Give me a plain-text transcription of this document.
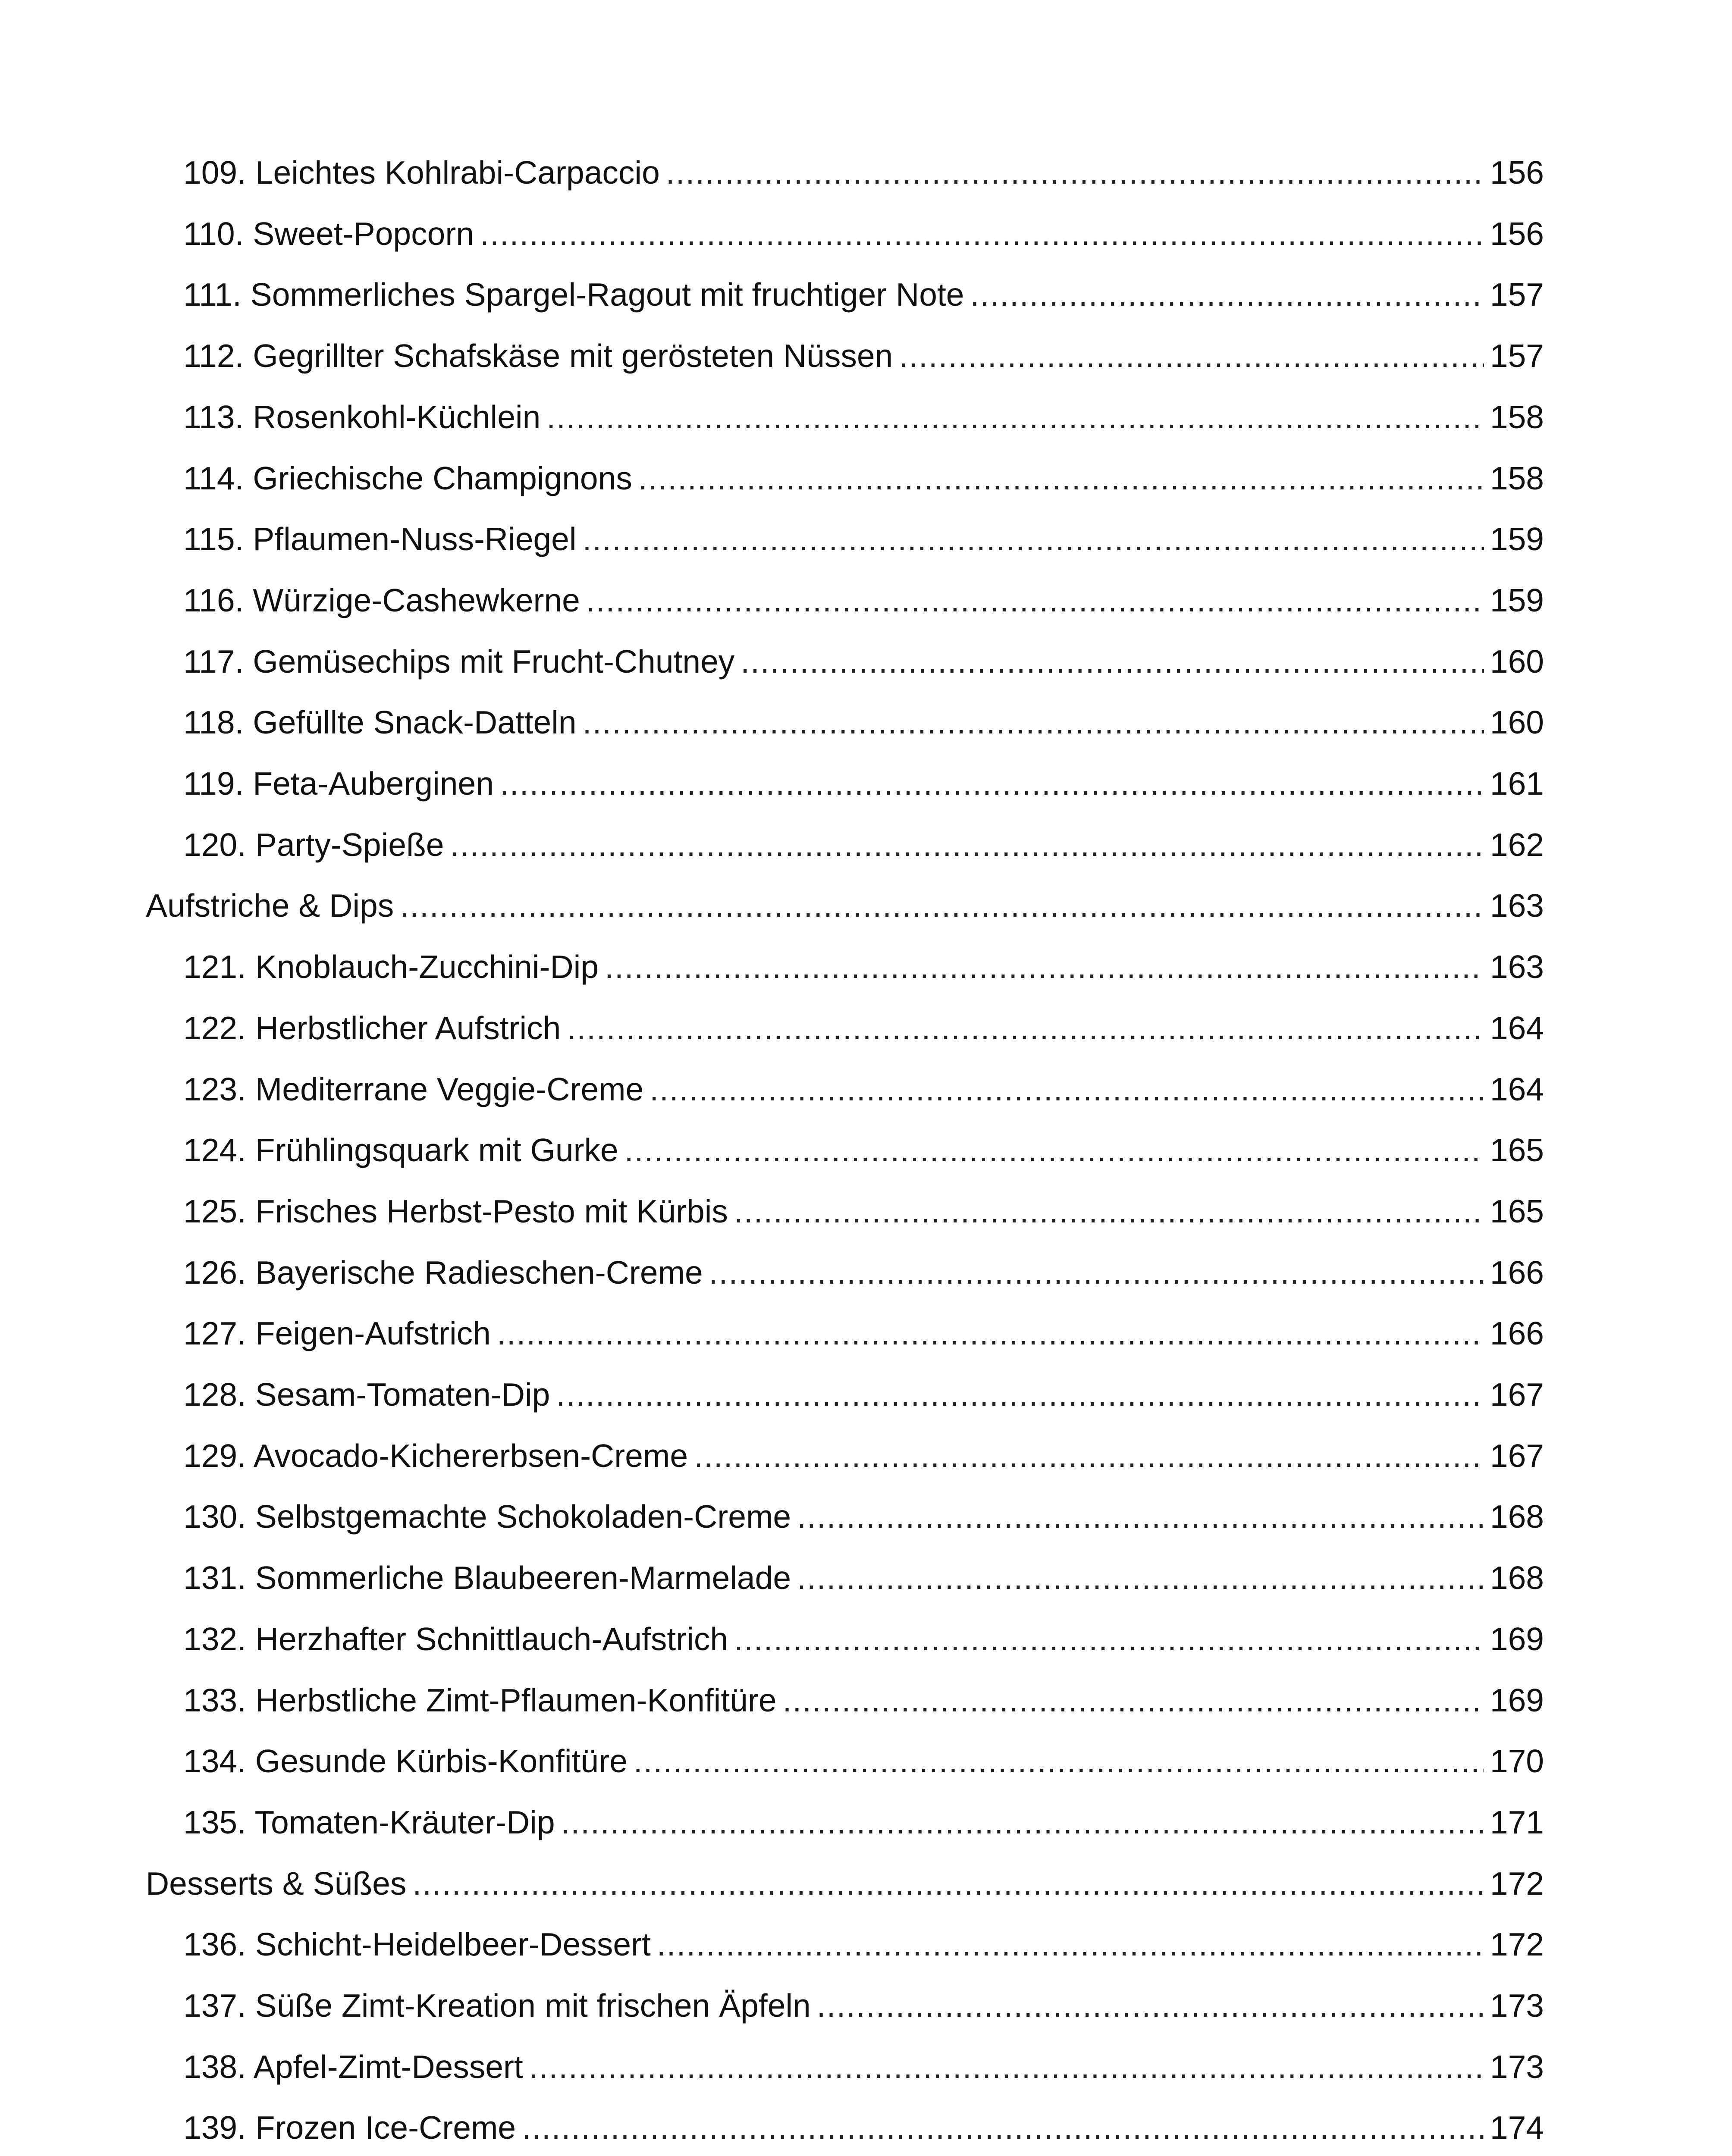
109. Leichtes Kohlrabi-Carpaccio .....	156
110. Sweet-Popcorn .....	156
111. Sommerliches Spargel-Ragout mit fruchtiger Note .....	157
112. Gegrillter Schafskäse mit gerösteten Nüssen .....	157
113. Rosenkohl-Küchlein .....	158
114. Griechische Champignons .....	158
115. Pflaumen-Nuss-Riegel .....	159
116. Würzige-Cashewkerne .....	159
117. Gemüsechips mit Frucht-Chutney .....	160
118. Gefüllte Snack-Datteln .....	160
119. Feta-Auberginen .....	161
120. Party-Spieße .....	162
Aufstriche & Dips .....	163
121. Knoblauch-Zucchini-Dip .....	163
122. Herbstlicher Aufstrich .....	164
123. Mediterrane Veggie-Creme .....	164
124. Frühlingsquark mit Gurke .....	165
125. Frisches Herbst-Pesto mit Kürbis .....	165
126. Bayerische Radieschen-Creme .....	166
127. Feigen-Aufstrich .....	166
128. Sesam-Tomaten-Dip .....	167
129. Avocado-Kichererbsen-Creme .....	167
130. Selbstgemachte Schokoladen-Creme .....	168
131. Sommerliche Blaubeeren-Marmelade .....	168
132. Herzhafter Schnittlauch-Aufstrich .....	169
133. Herbstliche Zimt-Pflaumen-Konfitüre .....	169
134. Gesunde Kürbis-Konfitüre .....	170
135. Tomaten-Kräuter-Dip .....	171
Desserts & Süßes .....	172
136. Schicht-Heidelbeer-Dessert .....	172
137. Süße Zimt-Kreation mit frischen Äpfeln .....	173
138. Apfel-Zimt-Dessert .....	173
139. Frozen Ice-Creme .....	174
